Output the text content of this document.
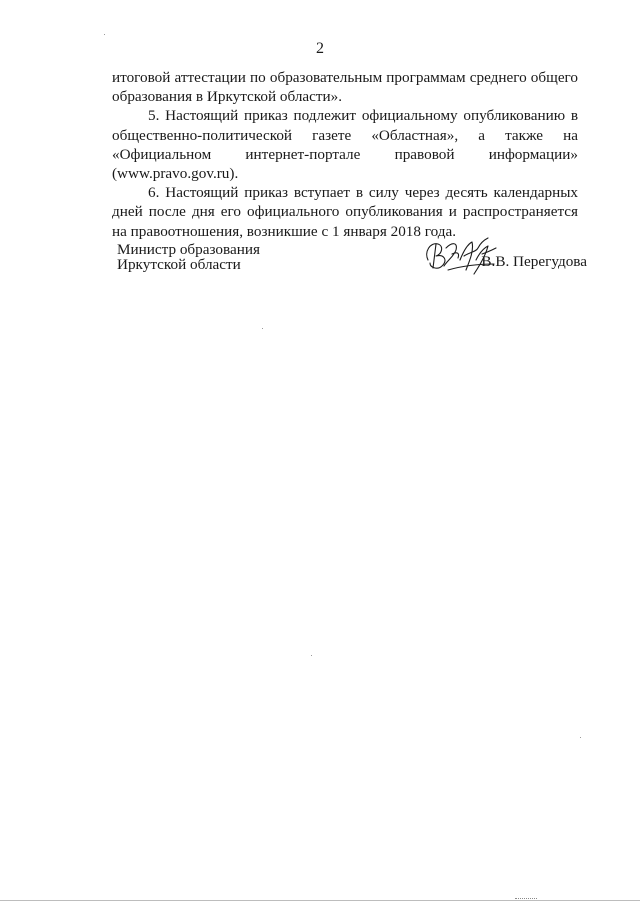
2

итоговой аттестации по образовательным программам среднего общего образования в Иркутской области».

5. Настоящий приказ подлежит официальному опубликованию в общественно-политической газете «Областная», а также на «Официальном интернет-портале правовой информации» (www.pravo.gov.ru).

6. Настоящий приказ вступает в силу через десять календарных дней после дня его официального опубликования и распространяется на правоотношения, возникшие с 1 января 2018 года.

Министр образования
Иркутской области	В.В. Перегудова
